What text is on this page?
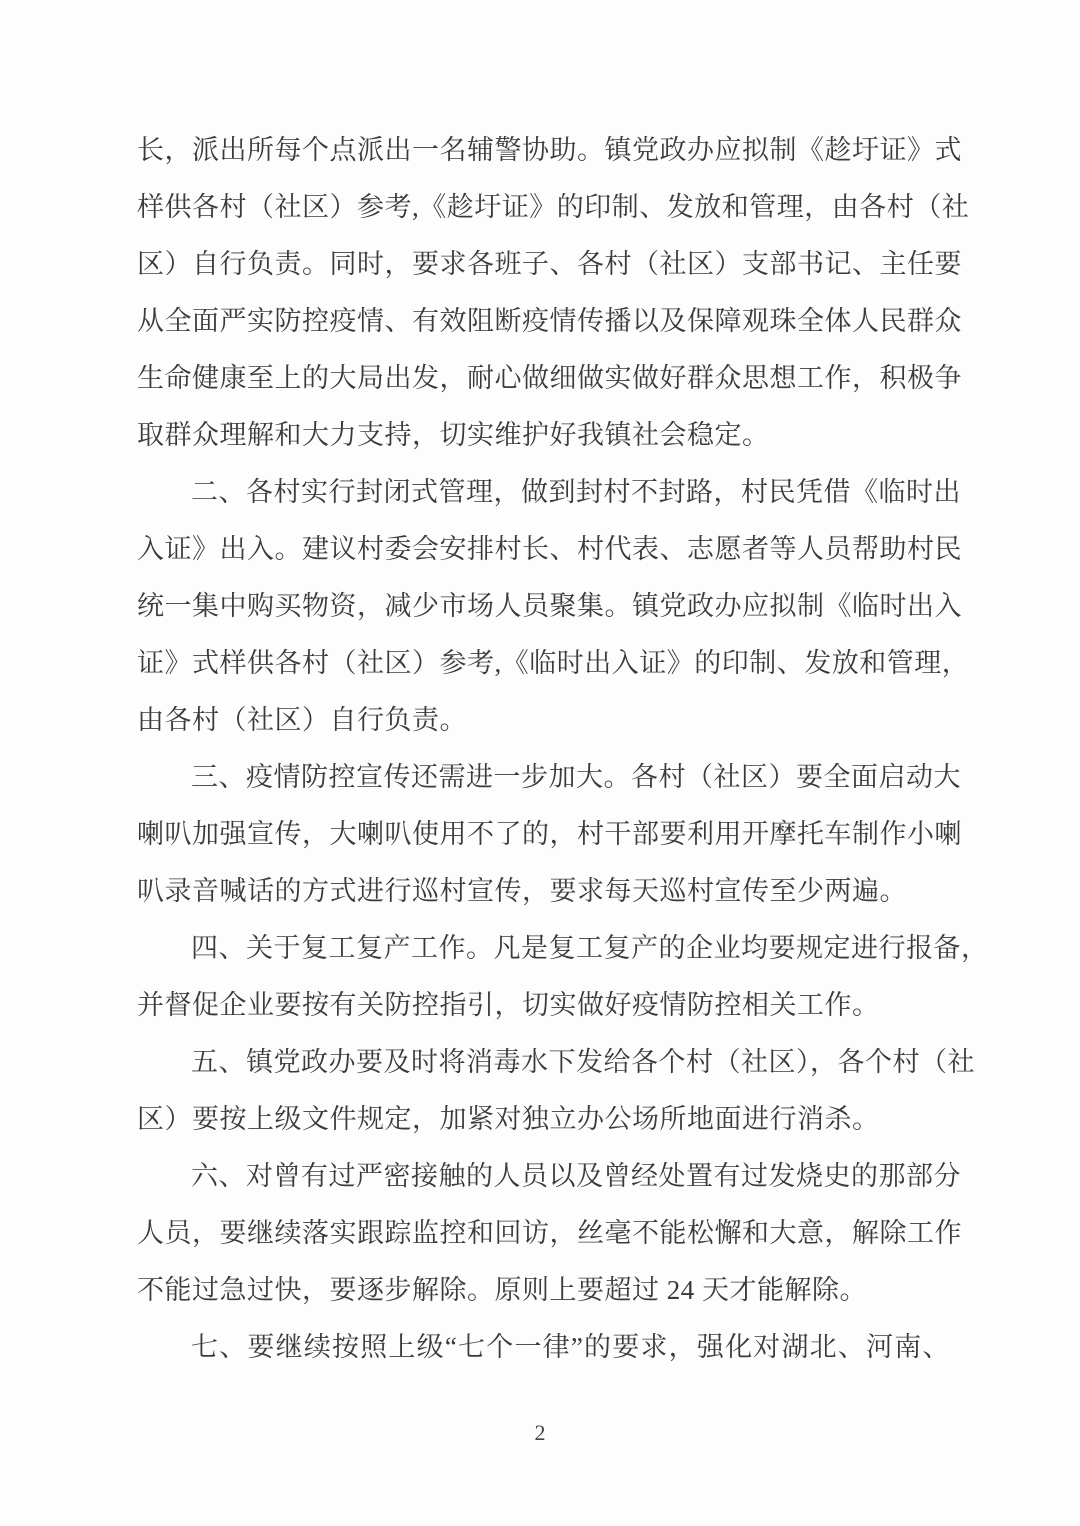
长，派出所每个点派出一名辅警协助。镇党政办应拟制《趁圩证》式
样供各村（社区）参考,《趁圩证》的印制、发放和管理，由各村（社
区）自行负责。同时，要求各班子、各村（社区）支部书记、主任要
从全面严实防控疫情、有效阻断疫情传播以及保障观珠全体人民群众
生命健康至上的大局出发，耐心做细做实做好群众思想工作，积极争
取群众理解和大力支持，切实维护好我镇社会稳定。
二、各村实行封闭式管理，做到封村不封路，村民凭借《临时出
入证》出入。建议村委会安排村长、村代表、志愿者等人员帮助村民
统一集中购买物资，减少市场人员聚集。镇党政办应拟制《临时出入
证》式样供各村（社区）参考,《临时出入证》的印制、发放和管理，
由各村（社区）自行负责。
三、疫情防控宣传还需进一步加大。各村（社区）要全面启动大
喇叭加强宣传，大喇叭使用不了的，村干部要利用开摩托车制作小喇
叭录音喊话的方式进行巡村宣传，要求每天巡村宣传至少两遍。
四、关于复工复产工作。凡是复工复产的企业均要规定进行报备，
并督促企业要按有关防控指引，切实做好疫情防控相关工作。
五、镇党政办要及时将消毒水下发给各个村（社区），各个村（社
区）要按上级文件规定，加紧对独立办公场所地面进行消杀。
六、对曾有过严密接触的人员以及曾经处置有过发烧史的那部分
人员，要继续落实跟踪监控和回访，丝毫不能松懈和大意，解除工作
不能过急过快，要逐步解除。原则上要超过 24 天才能解除。
七、要继续按照上级“七个一律”的要求，强化对湖北、河南、
2
